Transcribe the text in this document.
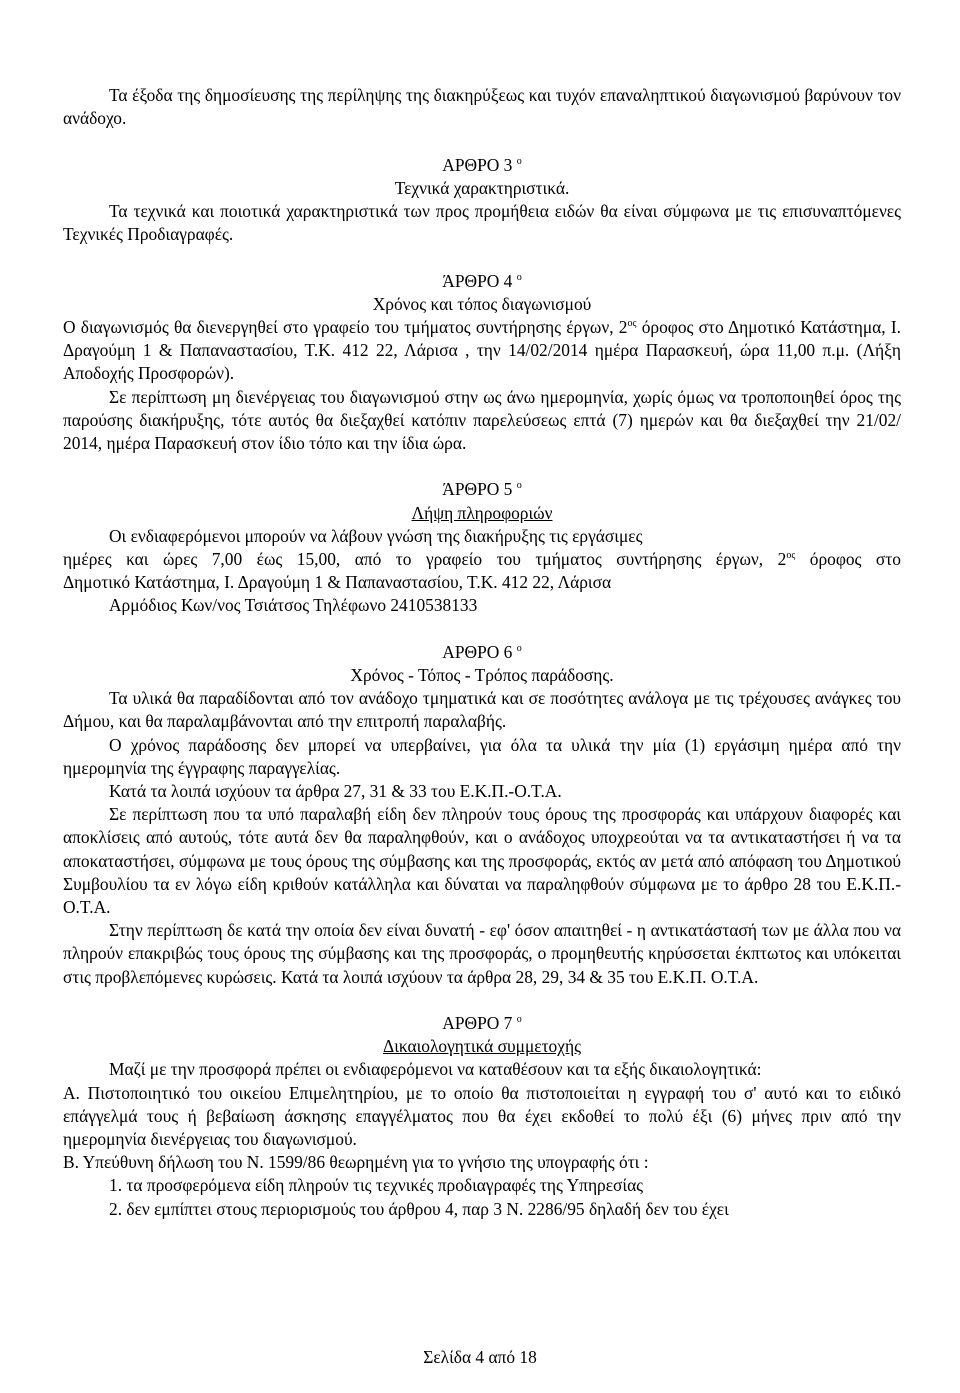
Τα έξοδα της δημοσίευσης της περίληψης της διακηρύξεως και τυχόν επαναληπτικού διαγωνισμού βαρύνουν τον ανάδοχο.

ΑΡΘΡΟ 3 $^o$

Τεχνικά χαρακτηριστικά.

Τα τεχνικά και ποιοτικά χαρακτηριστικά των προς προμήθεια ειδών θα είναι σύμφωνα με τις επισυναπτόμενες Τεχνικές Προδιαγραφές.

ΆΡΘΡΟ 4 $^o$

Χρόνος και τόπος διαγωνισμού

Ο διαγωνισμός θα διενεργηθεί στο γραφείο του τμήματος συντήρησης έργων, $2^{o\varsigma}$ όροφος στο Δημοτικό Κατάστημα, Ι. Δραγούμη 1 & Παπαναστασίου, Τ.Κ. 412 22, Λάρισα , την 14/02/2014 ημέρα Παρασκευή, ώρα 11,00 π.μ. (Λήξη Αποδοχής Προσφορών).

Σε περίπτωση μη διενέργειας του διαγωνισμού στην ως άνω ημερομηνία, χωρίς όμως να τροποποιηθεί όρος της παρούσης διακήρυξης, τότε αυτός θα διεξαχθεί κατόπιν παρελεύσεως επτά (7) ημερών και θα διεξαχθεί την 21/02/ 2014, ημέρα Παρασκευή στον ίδιο τόπο και την ίδια ώρα.

ΆΡΘΡΟ 5 $^o$

Λήψη πληροφοριών

Οι ενδιαφερόμενοι μπορούν να λάβουν γνώση της διακήρυξης τις εργάσιμες

ημέρες και ώρες 7,00 έως 15,00, από το γραφείο του τμήματος συντήρησης έργων, $2^{o\varsigma}$ όροφος στο

Δημοτικό Κατάστημα, Ι. Δραγούμη 1 & Παπαναστασίου, Τ.Κ. 412 22, Λάρισα

Αρμόδιος Κων/νος Τσιάτσος Τηλέφωνο 2410538133

ΑΡΘΡΟ 6 $^o$

Χρόνος - Τόπος - Τρόπος παράδοσης.

Τα υλικά θα παραδίδονται από τον ανάδοχο τμηματικά και σε ποσότητες ανάλογα με τις τρέχουσες ανάγκες του Δήμου, και θα παραλαμβάνονται από την επιτροπή παραλαβής.

Ο χρόνος παράδοσης δεν μπορεί να υπερβαίνει, για όλα τα υλικά την μία (1) εργάσιμη ημέρα από την ημερομηνία της έγγραφης παραγγελίας.

Κατά τα λοιπά ισχύουν τα άρθρα 27, 31 & 33 του Ε.Κ.Π.-Ο.Τ.Α.

Σε περίπτωση που τα υπό παραλαβή είδη δεν πληρούν τους όρους της προσφοράς και υπάρχουν διαφορές και αποκλίσεις από αυτούς, τότε αυτά δεν θα παραληφθούν, και ο ανάδοχος υποχρεούται να τα αντικαταστήσει ή να τα αποκαταστήσει, σύμφωνα με τους όρους της σύμβασης και της προσφοράς, εκτός αν μετά από απόφαση του Δημοτικού Συμβουλίου τα εν λόγω είδη κριθούν κατάλληλα και δύναται να παραληφθούν σύμφωνα με το άρθρο 28 του Ε.Κ.Π.-Ο.Τ.Α.

Στην περίπτωση δε κατά την οποία δεν είναι δυνατή - εφ' όσον απαιτηθεί - η αντικατάστασή των με άλλα που να πληρούν επακριβώς τους όρους της σύμβασης και της προσφοράς, ο προμηθευτής κηρύσσεται έκπτωτος και υπόκειται στις προβλεπόμενες κυρώσεις. Κατά τα λοιπά ισχύουν τα άρθρα 28, 29, 34 & 35 του Ε.Κ.Π. Ο.Τ.Α.

ΑΡΘΡΟ 7 $^o$

Δικαιολογητικά συμμετοχής

Μαζί με την προσφορά πρέπει οι ενδιαφερόμενοι να καταθέσουν και τα εξής δικαιολογητικά:

Α. Πιστοποιητικό του οικείου Επιμελητηρίου, με το οποίο θα πιστοποιείται η εγγραφή του σ' αυτό και το ειδικό επάγγελμά τους ή βεβαίωση άσκησης επαγγέλματος που θα έχει εκδοθεί το πολύ έξι (6) μήνες πριν από την ημερομηνία διενέργειας του διαγωνισμού.

Β. Υπεύθυνη δήλωση του Ν. 1599/86 θεωρημένη για το γνήσιο της υπογραφής ότι :

1. τα προσφερόμενα είδη πληρούν τις τεχνικές προδιαγραφές της Υπηρεσίας

2. δεν εμπίπτει στους περιορισμούς του άρθρου 4, παρ 3 Ν. 2286/95 δηλαδή δεν του έχει

Σελίδα 4 από 18
